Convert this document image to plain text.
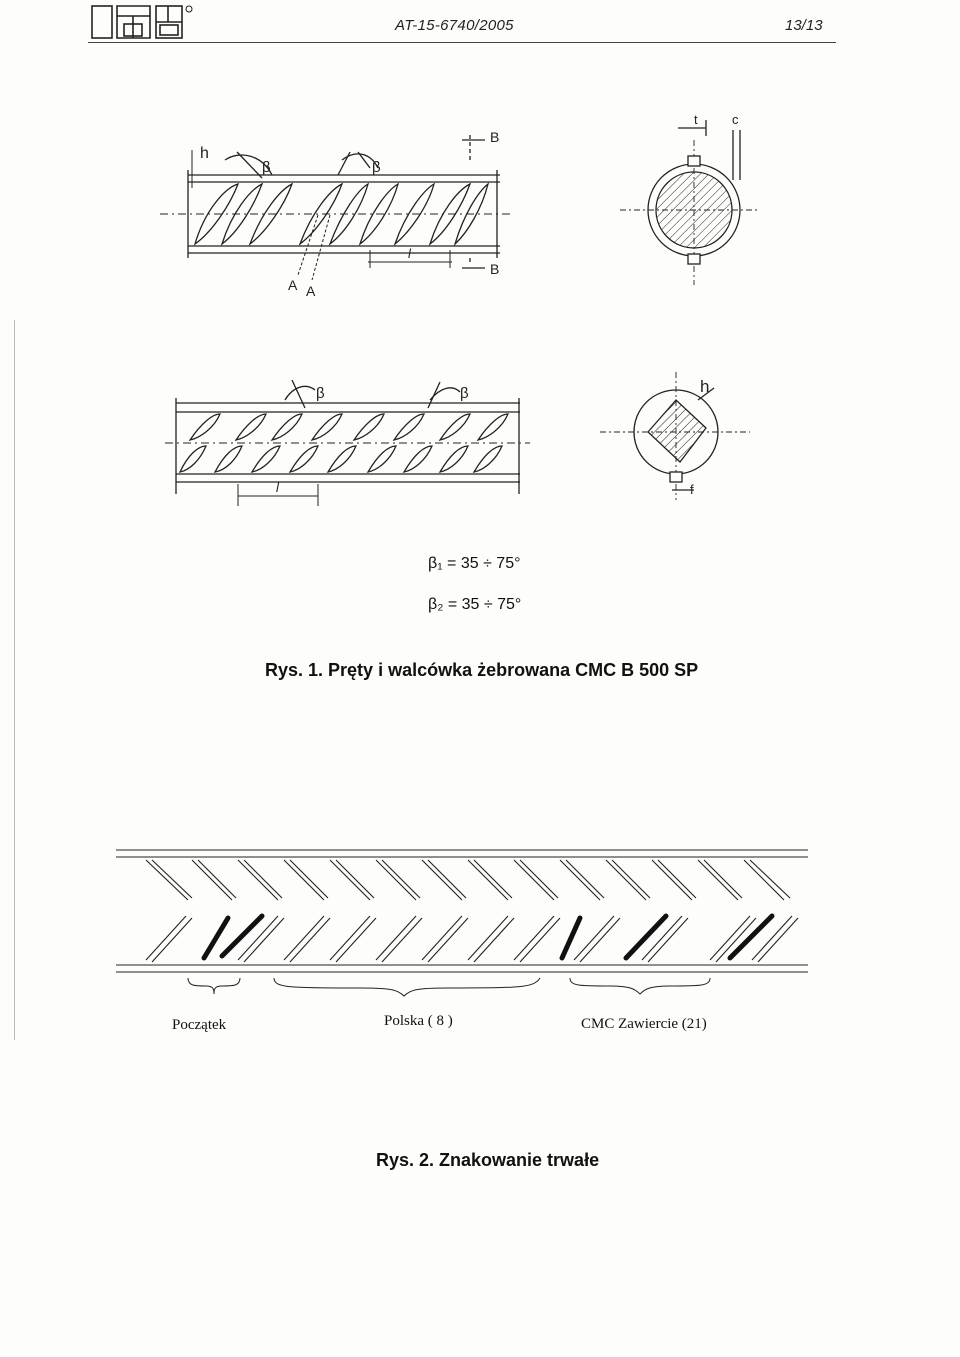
AT-15-6740/2005	13/13
h
β	β
B
B
A A
l
t	c
β	β
l
h
f
β₁ = 35 ÷ 75°
β₂ = 35 ÷ 75°
Rys. 1. Pręty i walcówka żebrowana CMC B 500 SP
Początek	Polska ( 8 )	CMC Zawiercie (21)
Rys. 2. Znakowanie trwałe
